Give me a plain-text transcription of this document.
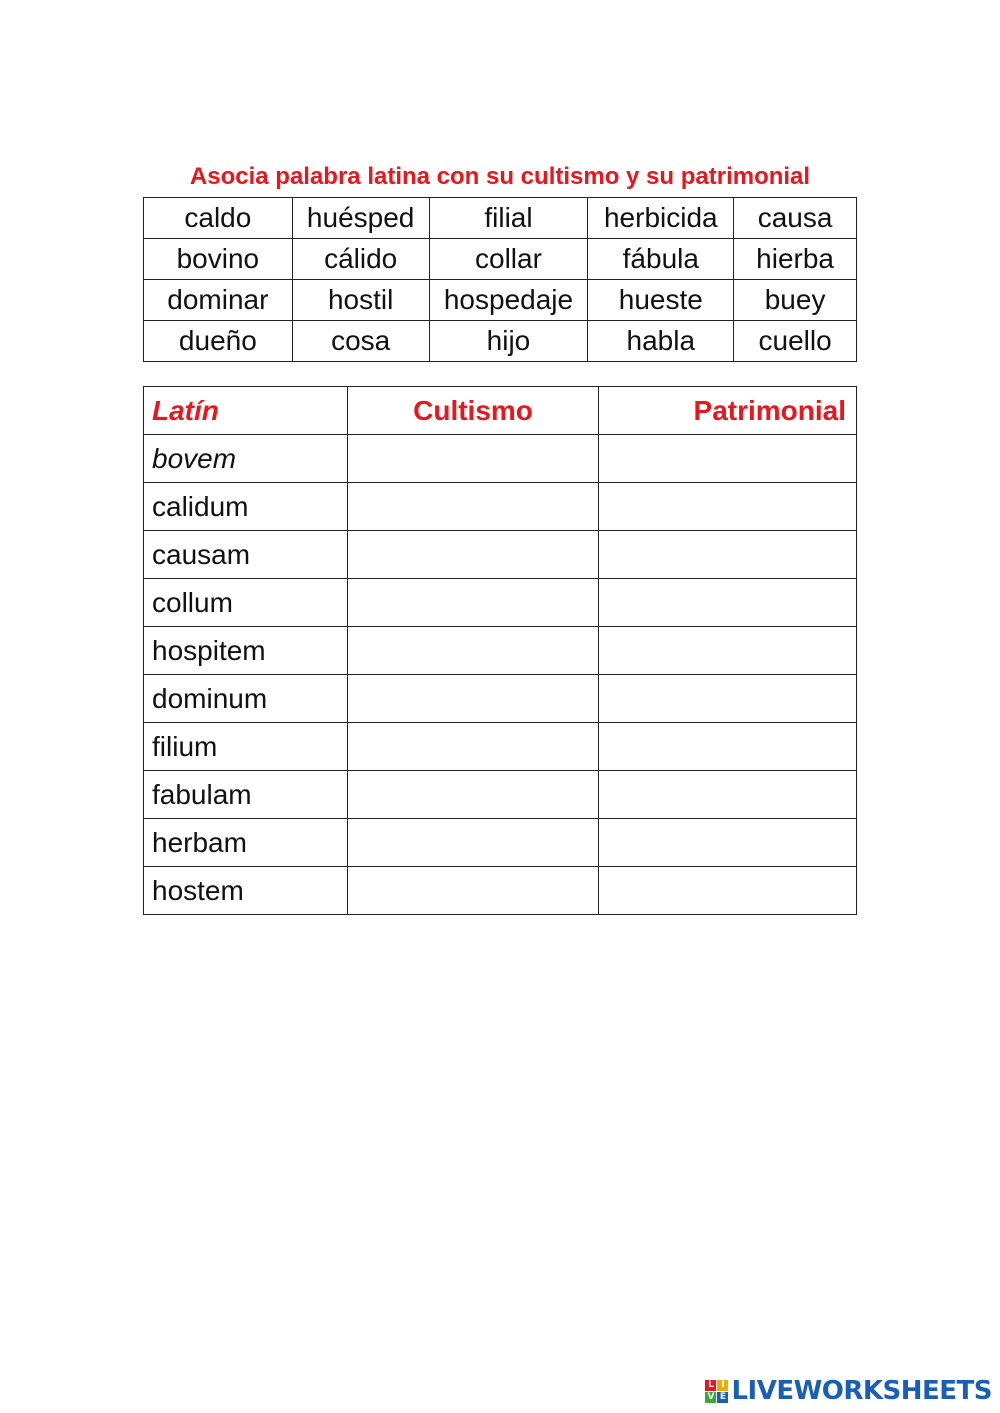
Asocia palabra latina con su cultismo y su patrimonial
caldo	huésped	filial	herbicida	causa
bovino	cálido	collar	fábula	hierba
dominar	hostil	hospedaje	hueste	buey
dueño	cosa	hijo	habla	cuello
Latín	Cultismo	Patrimonial
bovem		
calidum		
causam		
collum		
hospitem		
dominum		
filium		
fabulam		
herbam		
hostem		
L I
V E LIVEWORKSHEETS
